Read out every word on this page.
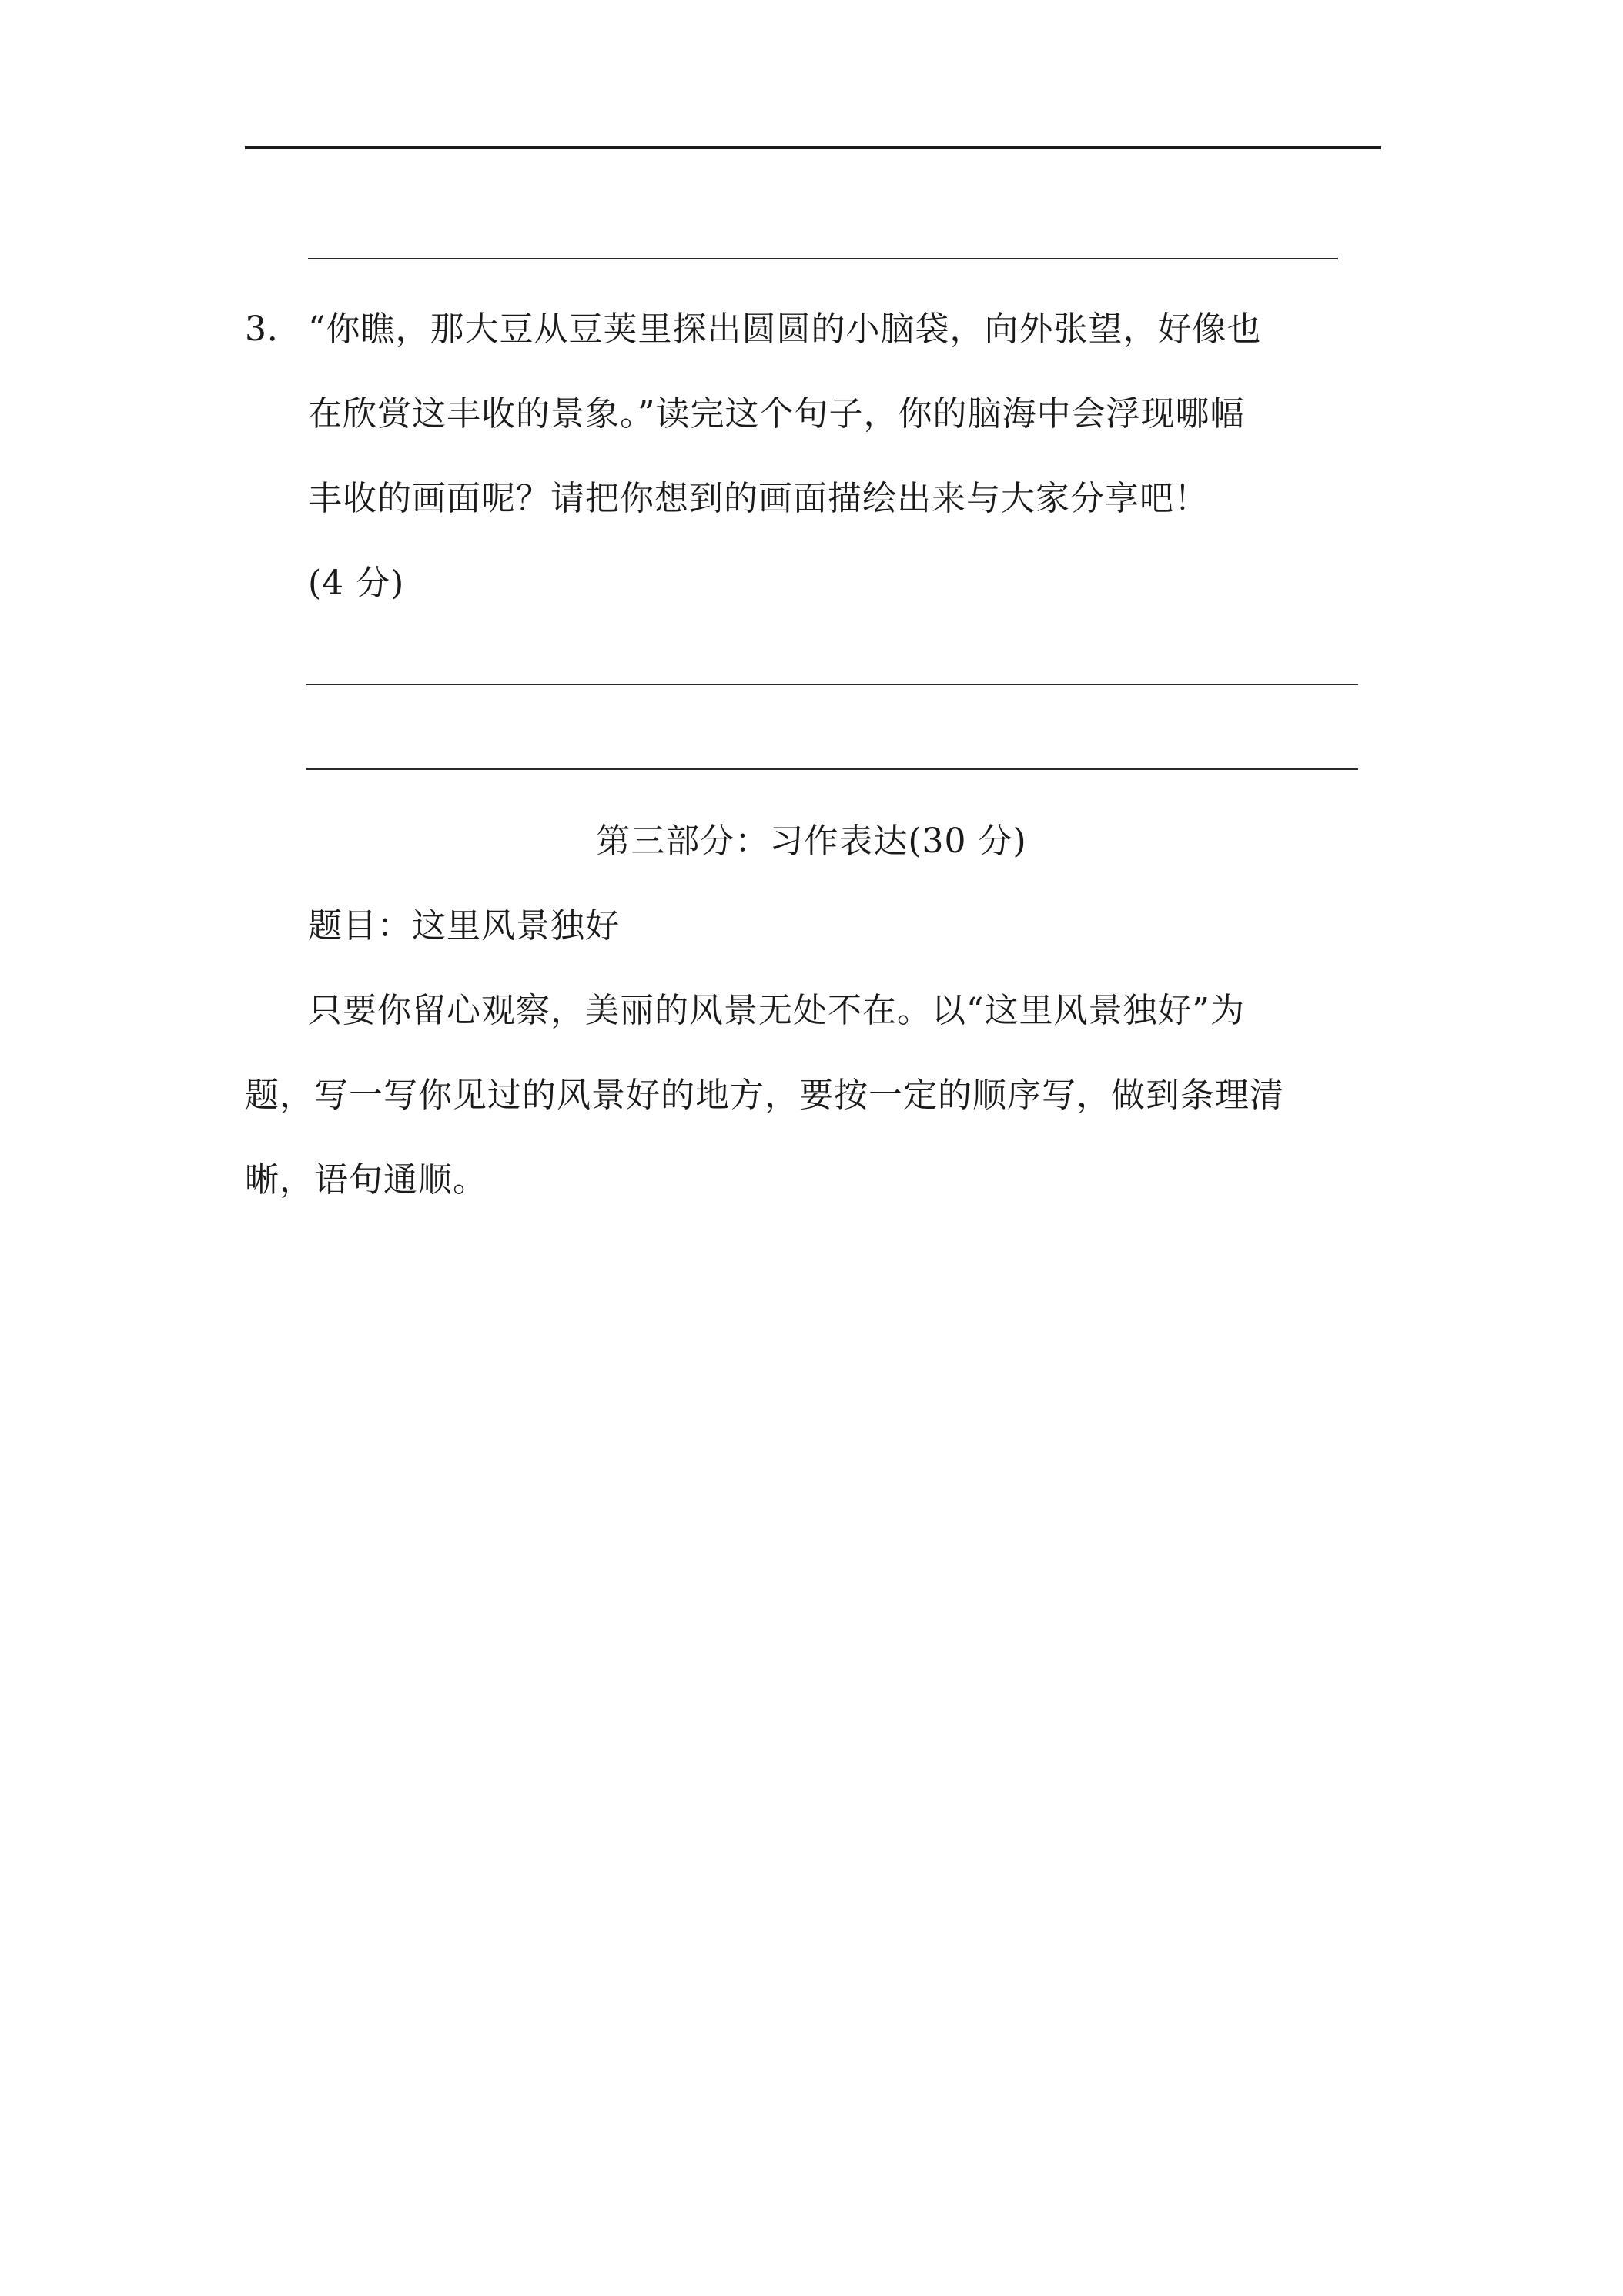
3． “你瞧，那大豆从豆荚里探出圆圆的小脑袋，向外张望，好像也
在欣赏这丰收的景象。”读完这个句子，你的脑海中会浮现哪幅
丰收的画面呢？请把你想到的画面描绘出来与大家分享吧！
(4 分)
第三部分：习作表达(30 分)
题目：这里风景独好
只要你留心观察，美丽的风景无处不在。以“这里风景独好”为
题，写一写你见过的风景好的地方，要按一定的顺序写，做到条理清
晰，语句通顺。
